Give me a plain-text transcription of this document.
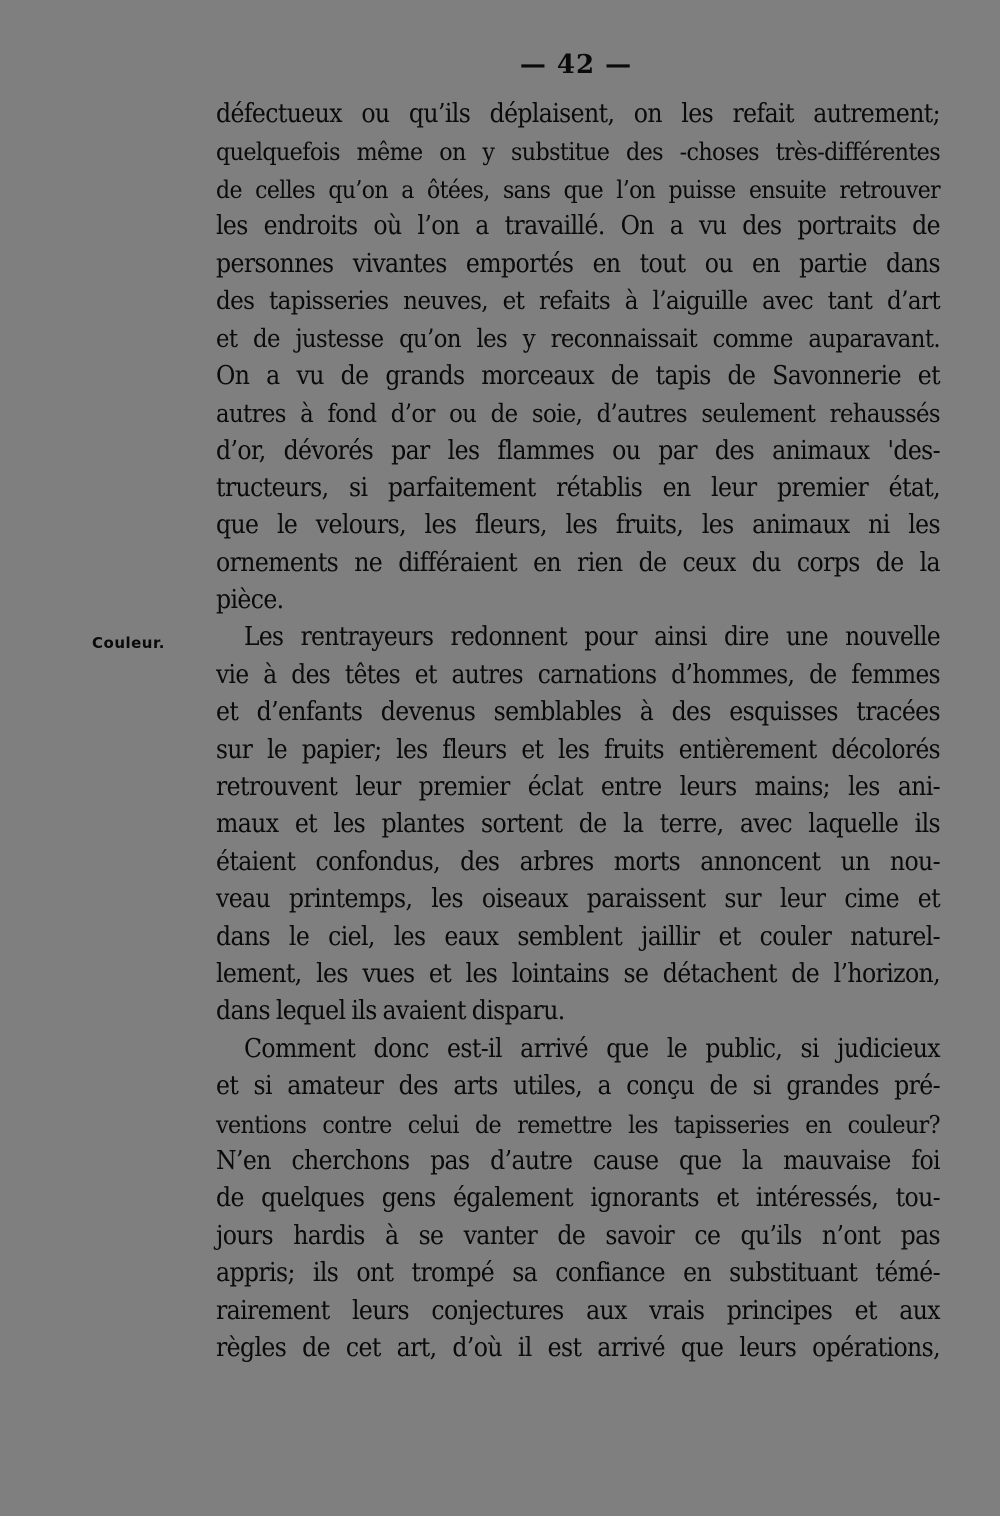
— 42 —
Couleur.
défectueux ou qu’ils déplaisent, on les refait autrement;
quelquefois même on y substitue des -choses très-différentes
de celles qu’on a ôtées, sans que l’on puisse ensuite retrouver
les endroits où l’on a travaillé. On a vu des portraits de
personnes vivantes emportés en tout ou en partie dans
des tapisseries neuves, et refaits à l’aiguille avec tant d’art
et de justesse qu’on les y reconnaissait comme auparavant.
On a vu de grands morceaux de tapis de Savonnerie et
autres à fond d’or ou de soie, d’autres seulement rehaussés
d’or, dévorés par les flammes ou par des animaux 'des-
tructeurs, si parfaitement rétablis en leur premier état,
que le velours, les fleurs, les fruits, les animaux ni les
ornements ne différaient en rien de ceux du corps de la
pièce.
Les rentrayeurs redonnent pour ainsi dire une nouvelle
vie à des têtes et autres carnations d’hommes, de femmes
et d’enfants devenus semblables à des esquisses tracées
sur le papier; les fleurs et les fruits entièrement décolorés
retrouvent leur premier éclat entre leurs mains; les ani-
maux et les plantes sortent de la terre, avec laquelle ils
étaient confondus, des arbres morts annoncent un nou-
veau printemps, les oiseaux paraissent sur leur cime et
dans le ciel, les eaux semblent jaillir et couler naturel-
lement, les vues et les lointains se détachent de l’horizon,
dans lequel ils avaient disparu.
Comment donc est-il arrivé que le public, si judicieux
et si amateur des arts utiles, a conçu de si grandes pré-
ventions contre celui de remettre les tapisseries en couleur?
N’en cherchons pas d’autre cause que la mauvaise foi
de quelques gens également ignorants et intéressés, tou-
jours hardis à se vanter de savoir ce qu’ils n’ont pas
appris; ils ont trompé sa confiance en substituant témé-
rairement leurs conjectures aux vrais principes et aux
règles de cet art, d’où il est arrivé que leurs opérations,
